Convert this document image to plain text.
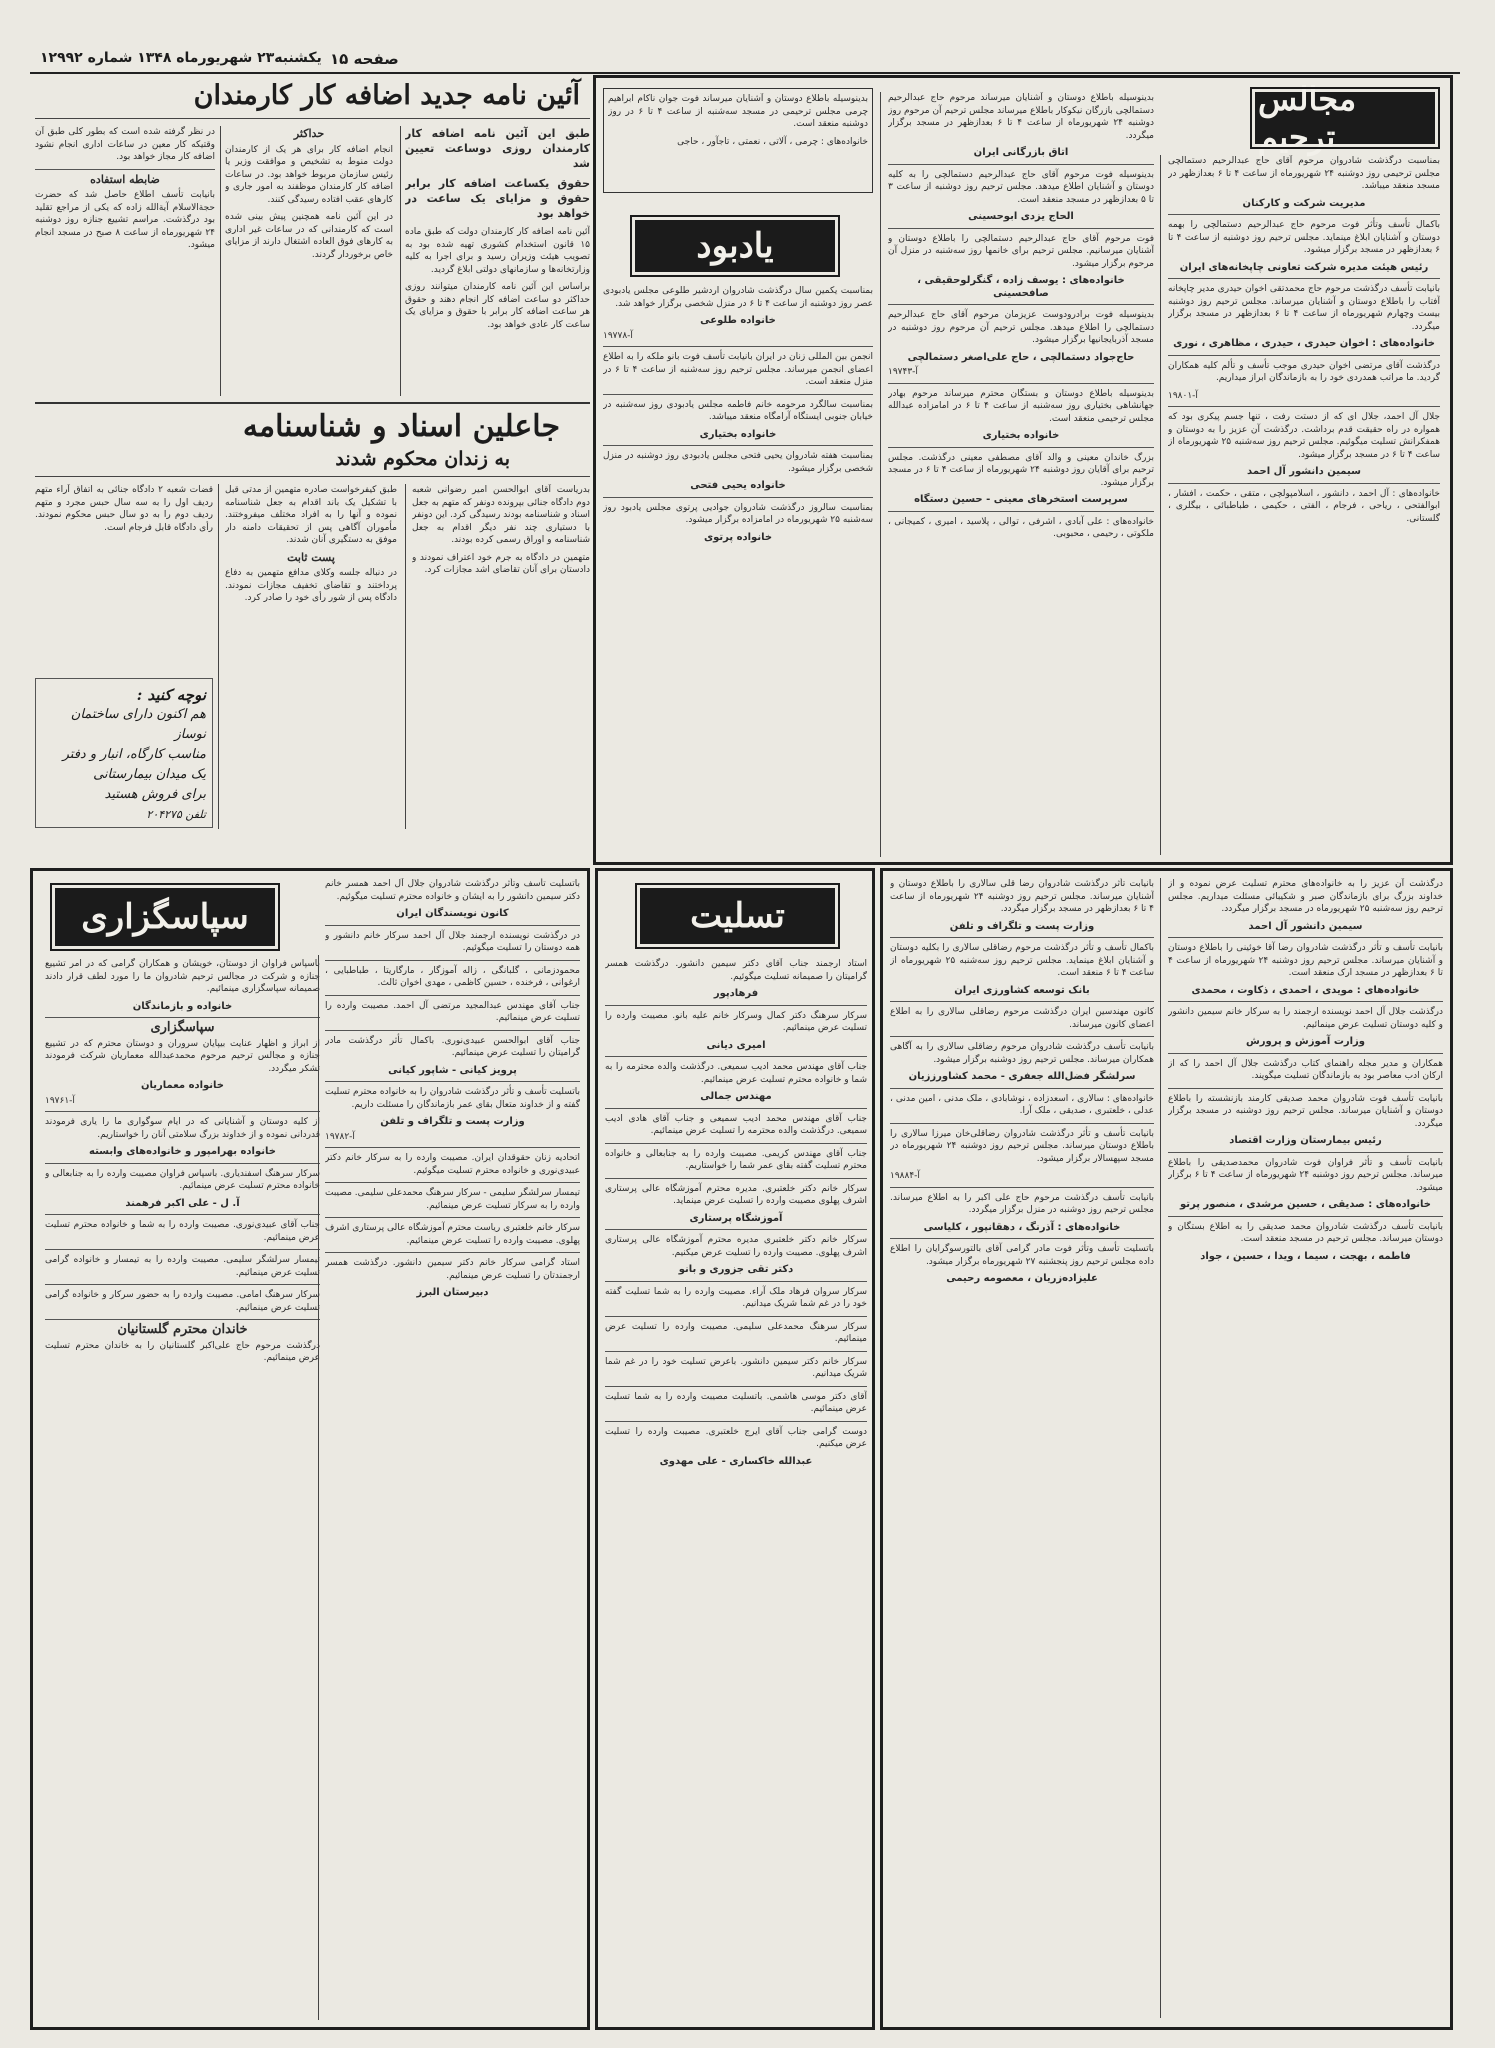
صفحه ۱۵
یکشنبه۲۳ شهریورماه ۱۳۴۸ شماره ۱۲۹۹۲
آئین نامه جدید اضافه کار کارمندان

طبق این آئین نامه اضافه کار کارمندان روزی دوساعت تعیین شد

حقوق یکساعت اضافه کار برابر حقوق و مزایای یک ساعت در خواهد بود

آئین نامه اضافه کار کارمندان دولت که طبق ماده ۱۵ قانون استخدام کشوری تهیه شده بود به تصویب هیئت وزیران رسید و برای اجرا به کلیه وزارتخانه‌ها و سازمانهای دولتی ابلاغ گردید.

براساس این آئین نامه کارمندان میتوانند روزی حداکثر دو ساعت اضافه کار انجام دهند و حقوق هر ساعت اضافه کار برابر با حقوق و مزایای یک ساعت کار عادی خواهد بود.

حداکثر

انجام اضافه کار برای هر یک از کارمندان دولت منوط به تشخیص و موافقت وزیر یا رئیس سازمان مربوط خواهد بود. در ساعات اضافه کار کارمندان موظفند به امور جاری و کارهای عقب افتاده رسیدگی کنند.

در این آئین نامه همچنین پیش بینی شده است که کارمندانی که در ساعات غیر اداری به کارهای فوق العاده اشتغال دارند از مزایای خاص برخوردار گردند.

در نظر گرفته شده است که بطور کلی طبق آن وقتیکه کار معین در ساعات اداری انجام نشود اضافه کار مجاز خواهد بود.

ضابطه استفاده

بانیابت تأسف اطلاع حاصل شد که حضرت حجةالاسلام آیةالله زاده که یکی از مراجع تقلید بود درگذشت. مراسم تشییع جنازه روز دوشنبه ۲۴ شهریورماه از ساعت ۸ صبح در مسجد انجام میشود.

جاعلین اسناد و شناسنامه
به زندان محکوم شدند

بدریاست آقای ابوالحسن امیر رضوانی شعبه دوم دادگاه جنائی بپرونده دونفر که متهم به جعل اسناد و شناسنامه بودند رسیدگی کرد. این دونفر با دستیاری چند نفر دیگر اقدام به جعل شناسنامه و اوراق رسمی کرده بودند.

متهمین در دادگاه به جرم خود اعتراف نمودند و دادستان برای آنان تقاضای اشد مجازات کرد.

طبق کیفرخواست صادره متهمین از مدتی قبل با تشکیل یک باند اقدام به جعل شناسنامه نموده و آنها را به افراد مختلف میفروختند. مأموران آگاهی پس از تحقیقات دامنه دار موفق به دستگیری آنان شدند.

پست ثابت

در دنباله جلسه وکلای مدافع متهمین به دفاع پرداختند و تقاضای تخفیف مجازات نمودند. دادگاه پس از شور رأی خود را صادر کرد.

نوچه کنید :
هم اکنون دارای ساختمان نوساز
مناسب کارگاه، انبار و دفتر
یک میدان بیمارستانی
برای فروش هستید
تلفن ۲۰۴۲۷۵

قضات شعبه ۲ دادگاه جنائی به اتفاق آراء متهم ردیف اول را به سه سال حبس مجرد و متهم ردیف دوم را به دو سال حبس محکوم نمودند. رأی دادگاه قابل فرجام است.

مجالس ترحیم

بمناسبت درگذشت شادروان مرحوم آقای حاج عبدالرحیم دستمالچی مجلس ترحیمی روز دوشنبه ۲۴ شهریورماه از ساعت ۴ تا ۶ بعدازظهر در مسجد منعقد میباشد.

مدیریت شرکت و کارکنان

باکمال تأسف وتأثر فوت مرحوم حاج عبدالرحیم دستمالچی را بهمه دوستان و آشنایان ابلاغ مینماید. مجلس ترحیم روز دوشنبه از ساعت ۴ تا ۶ بعدازظهر در مسجد برگزار میشود.

رئیس هیئت مدیره شرکت تعاونی چاپخانه‌های ایران

بانیابت تأسف درگذشت مرحوم حاج محمدتقی اخوان حیدری مدیر چاپخانه آفتاب را باطلاع دوستان و آشنایان میرساند. مجلس ترحیم روز دوشنبه بیست وچهارم شهریورماه از ساعت ۴ تا ۶ بعدازظهر در مسجد برگزار میگردد.

خانواده‌های : اخوان حیدری ، حیدری ، مظاهری ، نوری

درگذشت آقای مرتضی اخوان حیدری موجب تأسف و تألم کلیه همکاران گردید. ما مراتب همدردی خود را به بازماندگان ابراز میداریم.

آ-۱۹۸۰۱

جلال آل احمد، جلال ای که از دستت رفت ، تنها جسم پیکری بود که همواره در راه حقیقت قدم برداشت. درگذشت آن عزیز را به دوستان و همفکرانش تسلیت میگوئیم. مجلس ترحیم روز سه‌شنبه ۲۵ شهریورماه از ساعت ۴ تا ۶ در مسجد برگزار میشود.

سیمین دانشور آل احمد

خانواده‌های : آل احمد ، دانشور ، اسلامپولچی ، متقی ، حکمت ، افشار ، ابوالفتحی ، ریاحی ، فرجام ، الفتی ، حکیمی ، طباطبائی ، بیگلری ، گلستانی.

بدینوسیله باطلاع دوستان و آشنایان میرساند مرحوم حاج عبدالرحیم دستمالچی بازرگان نیکوکار باطلاع میرساند مجلس ترحیم آن مرحوم روز دوشنبه ۲۴ شهریورماه از ساعت ۴ تا ۶ بعدازظهر در مسجد برگزار میگردد.

اتاق بازرگانی ایران

بدینوسیله فوت مرحوم آقای حاج عبدالرحیم دستمالچی را به کلیه دوستان و آشنایان اطلاع میدهد. مجلس ترحیم روز دوشنبه از ساعت ۳ تا ۵ بعدازظهر در مسجد منعقد است.

الحاج یزدی ابوحسینی

فوت مرحوم آقای حاج عبدالرحیم دستمالچی را باطلاع دوستان و آشنایان میرسانیم. مجلس ترحیم برای خانمها روز سه‌شنبه در منزل آن مرحوم برگزار میشود.

خانواده‌های : یوسف زاده ، گنگرلوحقیقی ، صافحسینی

بدینوسیله فوت برادرودوست عزیزمان مرحوم آقای حاج عبدالرحیم دستمالچی را اطلاع میدهد. مجلس ترحیم آن مرحوم روز دوشنبه در مسجد آذربایجانیها برگزار میشود.

حاج‌جواد دستمالچی ، حاج علی‌اصغر دستمالچی
آ-۱۹۷۴۳

بدینوسیله باطلاع دوستان و بستگان محترم میرساند مرحوم بهادر جهانشاهی بختیاری روز سه‌شنبه از ساعت ۴ تا ۶ در امامزاده عبدالله مجلس ترحیمی منعقد است.

خانواده بختیاری

بزرگ خاندان معینی و والد آقای مصطفی معینی درگذشت. مجلس ترحیم برای آقایان روز دوشنبه ۲۴ شهریورماه از ساعت ۴ تا ۶ در مسجد برگزار میشود.

سرپرست استخرهای معینی - حسین دستگاه

خانواده‌های : علی آبادی ، اشرفی ، توالی ، پلاسید ، امیری ، کمیجانی ، ملکوتی ، رحیمی ، محبوبی.

بدینوسیله باطلاع دوستان و آشنایان میرساند فوت جوان ناکام ابراهیم چرمی مجلس ترحیمی در مسجد سه‌شنبه از ساعت ۴ تا ۶ در روز دوشنبه منعقد است.

خانواده‌های : چرمی ، آلاتی ، نعمتی ، تاجآور ، حاجی

یادبود

بمناسبت یکمین سال درگذشت شادروان اردشیر طلوعی مجلس یادبودی عصر روز دوشنبه از ساعت ۴ تا ۶ در منزل شخصی برگزار خواهد شد.

خانواده طلوعی
آ-۱۹۷۷۸

انجمن بین المللی زنان در ایران بانیابت تأسف فوت بانو ملکه را به اطلاع اعضای انجمن میرساند. مجلس ترحیم روز سه‌شنبه از ساعت ۴ تا ۶ در منزل منعقد است.

بمناسبت سالگرد مرحومه خانم فاطمه مجلس یادبودی روز سه‌شنبه در خیابان جنوبی ایستگاه آرامگاه منعقد میباشد.

خانواده بختیاری

بمناسبت هفته شادروان یحیی فتحی مجلس یادبودی روز دوشنبه در منزل شخصی برگزار میشود.

خانواده یحیی فتحی

بمناسبت سالروز درگذشت شادروان جوادیی پرتوی مجلس یادبود روز سه‌شنبه ۲۵ شهریورماه در امامزاده برگزار میشود.

خانواده پرتوی
سپاسگزاری

باسپاس فراوان از دوستان، خویشان و همکاران گرامی که در امر تشییع جنازه و شرکت در مجالس ترحیم شادروان ما را مورد لطف قرار دادند صمیمانه سپاسگزاری مینمائیم.

خانواده و بازماندگان
سپاسگزاری

از ابراز و اظهار عنایت بیپایان سروران و دوستان محترم که در تشییع جنازه و مجالس ترحیم مرحوم محمدعبدالله معماریان شرکت فرمودند تشکر میگردد.

خانواده معماریان
آ-۱۹۷۶۱

از کلیه دوستان و آشنایانی که در ایام سوگواری ما را یاری فرمودند قدردانی نموده و از خداوند بزرگ سلامتی آنان را خواستاریم.

خانواده بهرامپور و خانواده‌های وابسته

سرکار سرهنگ اسفندیاری. باسپاس فراوان مصیبت وارده را به جنابعالی و خانواده محترم تسلیت عرض مینمائیم.

آ. ل - علی اکبر فرهمند

جناب آقای عبیدی‌نوری. مصیبت وارده را به شما و خانواده محترم تسلیت عرض مینمائیم.

تیمسار سرلشگر سلیمی. مصیبت وارده را به تیمسار و خانواده گرامی تسلیت عرض مینمائیم.

سرکار سرهنگ امامی. مصیبت وارده را به حضور سرکار و خانواده گرامی تسلیت عرض مینمائیم.

خاندان محترم گلستانیان

درگذشت مرحوم حاج علی‌اکبر گلستانیان را به خاندان محترم تسلیت عرض مینمائیم.

باتسلیت تأسف وتأثر درگذشت شادروان جلال آل احمد همسر خانم دکتر سیمین دانشور را به ایشان و خانواده محترم تسلیت میگوئیم.

کانون نویسندگان ایران

در درگذشت نویسنده ارجمند جلال آل احمد سرکار خانم دانشور و همه دوستان را تسلیت میگوئیم.

محمودزمانی ، گلبانگی ، زاله آموزگار ، مارگاریتا ، طباطبایی ، ارغوانی ، فرخنده ، حسین کاظمی ، مهدی اخوان ثالث.

جناب آقای مهندس عبدالمجید مرتضی آل احمد. مصیبت وارده را تسلیت عرض مینمائیم.

جناب آقای ابوالحسن عبیدی‌نوری. باکمال تأثر درگذشت مادر گرامیتان را تسلیت عرض مینمائیم.

پرویز کیانی - شاپور کیانی

باتسلیت تأسف و تأثر درگذشت شادروان را به خانواده محترم تسلیت گفته و از خداوند متعال بقای عمر بازماندگان را مسئلت داریم.

وزارت پست و تلگراف و تلفن
آ-۱۹۷۸۲

اتحادیه زنان حقوقدان ایران. مصیبت وارده را به سرکار خانم دکتر عبیدی‌نوری و خانواده محترم تسلیت میگوئیم.

تیمسار سرلشگر سلیمی - سرکار سرهنگ محمدعلی سلیمی. مصیبت وارده را به سرکار تسلیت عرض مینمائیم.

سرکار خانم خلعتبری ریاست محترم آموزشگاه عالی پرستاری اشرف پهلوی. مصیبت وارده را تسلیت عرض مینمائیم.

استاد گرامی سرکار خانم دکتر سیمین دانشور. درگذشت همسر ارجمندتان را تسلیت عرض مینمائیم.

دبیرستان البرز
تسلیت

استاد ارجمند جناب آقای دکتر سیمین دانشور. درگذشت همسر گرامیتان را صمیمانه تسلیت میگوئیم.

فرهادپور

سرکار سرهنگ دکتر کمال وسرکار خانم علیه بانو. مصیبت وارده را تسلیت عرض مینمائیم.

امیری دیانی

جناب آقای مهندس محمد ادیب سمیعی. درگذشت والده محترمه را به شما و خانواده محترم تسلیت عرض مینمائیم.

مهندس جمالی

جناب آقای مهندس محمد ادیب سمیعی و جناب آقای هادی ادیب سمیعی. درگذشت والده محترمه را تسلیت عرض مینمائیم.

جناب آقای مهندس کریمی. مصیبت وارده را به جنابعالی و خانواده محترم تسلیت گفته بقای عمر شما را خواستاریم.

سرکار خانم دکتر خلعتبری. مدیره محترم آموزشگاه عالی پرستاری اشرف پهلوی مصیبت وارده را تسلیت عرض مینماید.

آموزشگاه پرستاری

سرکار خانم دکتر خلعتبری مدیره محترم آموزشگاه عالی پرستاری اشرف پهلوی. مصیبت وارده را تسلیت عرض میکنیم.

دکتر تقی جزوری و بانو

سرکار سروان فرهاد ملک آراء. مصیبت وارده را به شما تسلیت گفته خود را در غم شما شریک میدانیم.

سرکار سرهنگ محمدعلی سلیمی. مصیبت وارده را تسلیت عرض مینمائیم.

سرکار خانم دکتر سیمین دانشور. باعرض تسلیت خود را در غم شما شریک میدانیم.

آقای دکتر موسی هاشمی. باتسلیت مصیبت وارده را به شما تسلیت عرض مینمائیم.

دوست گرامی جناب آقای ایرج خلعتبری. مصیبت وارده را تسلیت عرض میکنیم.

عبدالله خاکساری - علی مهدوی

درگذشت آن عزیز را به خانواده‌های محترم تسلیت عرض نموده و از خداوند بزرگ برای بازماندگان صبر و شکیبائی مسئلت میداریم. مجلس ترحیم روز سه‌شنبه ۲۵ شهریورماه در مسجد برگزار میگردد.

سیمین دانشور آل احمد

بانیابت تأسف و تأثر درگذشت شادروان رضا آقا خوئینی را باطلاع دوستان و آشنایان میرساند. مجلس ترحیم روز دوشنبه ۲۴ شهریورماه از ساعت ۴ تا ۶ بعدازظهر در مسجد ارک منعقد است.

خانواده‌های : مویدی ، احمدی ، ذکاوت ، محمدی

درگذشت جلال آل احمد نویسنده ارجمند را به سرکار خانم سیمین دانشور و کلیه دوستان تسلیت عرض مینمائیم.

وزارت آموزش و پرورش

همکاران و مدیر مجله راهنمای کتاب درگذشت جلال آل احمد را که از ارکان ادب معاصر بود به بازماندگان تسلیت میگویند.

بانیابت تأسف فوت شادروان محمد صدیقی کارمند بازنشسته را باطلاع دوستان و آشنایان میرساند. مجلس ترحیم روز دوشنبه در مسجد برگزار میگردد.

رئیس بیمارستان وزارت اقتصاد

بانیابت تأسف و تأثر فراوان فوت شادروان محمدصدیقی را باطلاع میرساند. مجلس ترحیم روز دوشنبه ۲۴ شهریورماه از ساعت ۴ تا ۶ برگزار میشود.

خانواده‌های : صدیقی ، حسین مرشدی ، منصور پرتو

بانیابت تأسف درگذشت شادروان محمد صدیقی را به اطلاع بستگان و دوستان میرساند. مجلس ترحیم در مسجد منعقد است.

فاطمه ، بهجت ، سیما ، ویدا ، حسین ، جواد

بانیابت تأثر درگذشت شادروان رضا قلی سالاری را باطلاع دوستان و آشنایان میرساند. مجلس ترحیم روز دوشنبه ۲۴ شهریورماه از ساعت ۴ تا ۶ بعدازظهر در مسجد برگزار میگردد.

وزارت پست و تلگراف و تلفن

باکمال تأسف و تأثر درگذشت مرحوم رضاقلی سالاری را بکلیه دوستان و آشنایان ابلاغ مینماید. مجلس ترحیم روز سه‌شنبه ۲۵ شهریورماه از ساعت ۴ تا ۶ منعقد است.

بانک توسعه کشاورزی ایران

کانون مهندسین ایران درگذشت مرحوم رضاقلی سالاری را به اطلاع اعضای کانون میرساند.

بانیابت تأسف درگذشت شادروان مرحوم رضاقلی سالاری را به آگاهی همکاران میرساند. مجلس ترحیم روز دوشنبه برگزار میشود.

سرلشگر فضل‌الله جعفری - محمد کشاورززیان

خانواده‌های : سالاری ، اسعدزاده ، نوشابادی ، ملک مدنی ، امین مدنی ، عدلی ، خلعتبری ، صدیقی ، ملک آرا.

بانیابت تأسف و تأثر درگذشت شادروان رضاقلی‌خان میرزا سالاری را باطلاع دوستان میرساند. مجلس ترحیم روز دوشنبه ۲۴ شهریورماه در مسجد سپهسالار برگزار میشود.

آ-۱۹۸۸۴

بانیابت تأسف درگذشت مرحوم حاج علی اکبر را به اطلاع میرساند. مجلس ترحیم روز دوشنبه در منزل برگزار میگردد.

خانواده‌های : آذرنگ ، دهقانپور ، کلیاسی

باتسلیت تأسف وتأثر فوت مادر گرامی آقای بالتورسوگرایان را اطلاع داده مجلس ترحیم روز پنجشنبه ۲۷ شهریورماه برگزار میشود.

علیزاده‌زریان ، معصومه رحیمی
